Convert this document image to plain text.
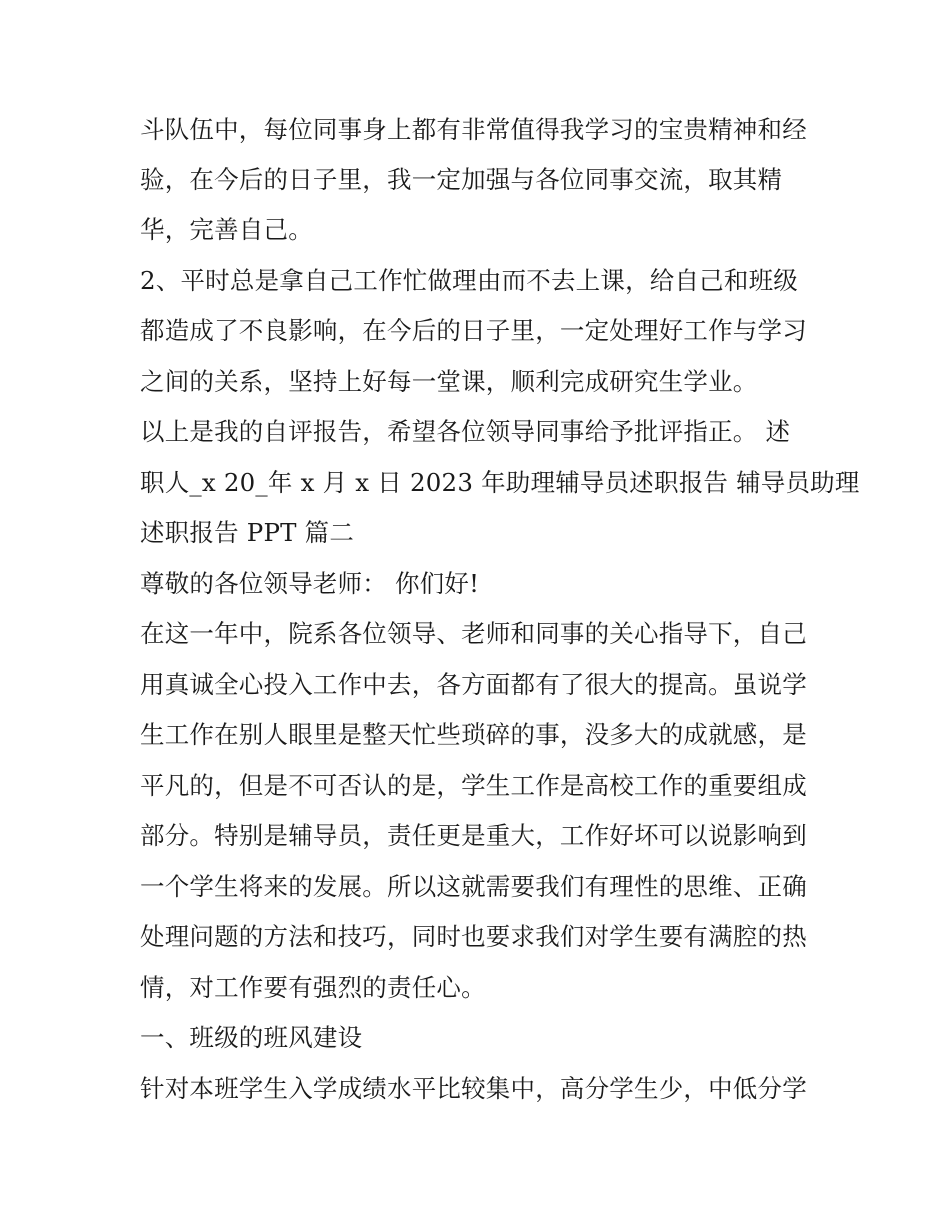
斗队伍中，每位同事身上都有非常值得我学习的宝贵精神和经
验，在今后的日子里，我一定加强与各位同事交流，取其精
华，完善自己。
2、平时总是拿自己工作忙做理由而不去上课，给自己和班级
都造成了不良影响，在今后的日子里，一定处理好工作与学习
之间的关系，坚持上好每一堂课，顺利完成研究生学业。
以上是我的自评报告，希望各位领导同事给予批评指正。 述
职人_x 20_年 x 月 x 日 2023 年助理辅导员述职报告 辅导员助理
述职报告 PPT 篇二
尊敬的各位领导老师： 你们好!
在这一年中，院系各位领导、老师和同事的关心指导下，自己
用真诚全心投入工作中去，各方面都有了很大的提高。虽说学
生工作在别人眼里是整天忙些琐碎的事，没多大的成就感，是
平凡的，但是不可否认的是，学生工作是高校工作的重要组成
部分。特别是辅导员，责任更是重大，工作好坏可以说影响到
一个学生将来的发展。所以这就需要我们有理性的思维、正确
处理问题的方法和技巧，同时也要求我们对学生要有满腔的热
情，对工作要有强烈的责任心。
一、班级的班风建设
针对本班学生入学成绩水平比较集中，高分学生少，中低分学
